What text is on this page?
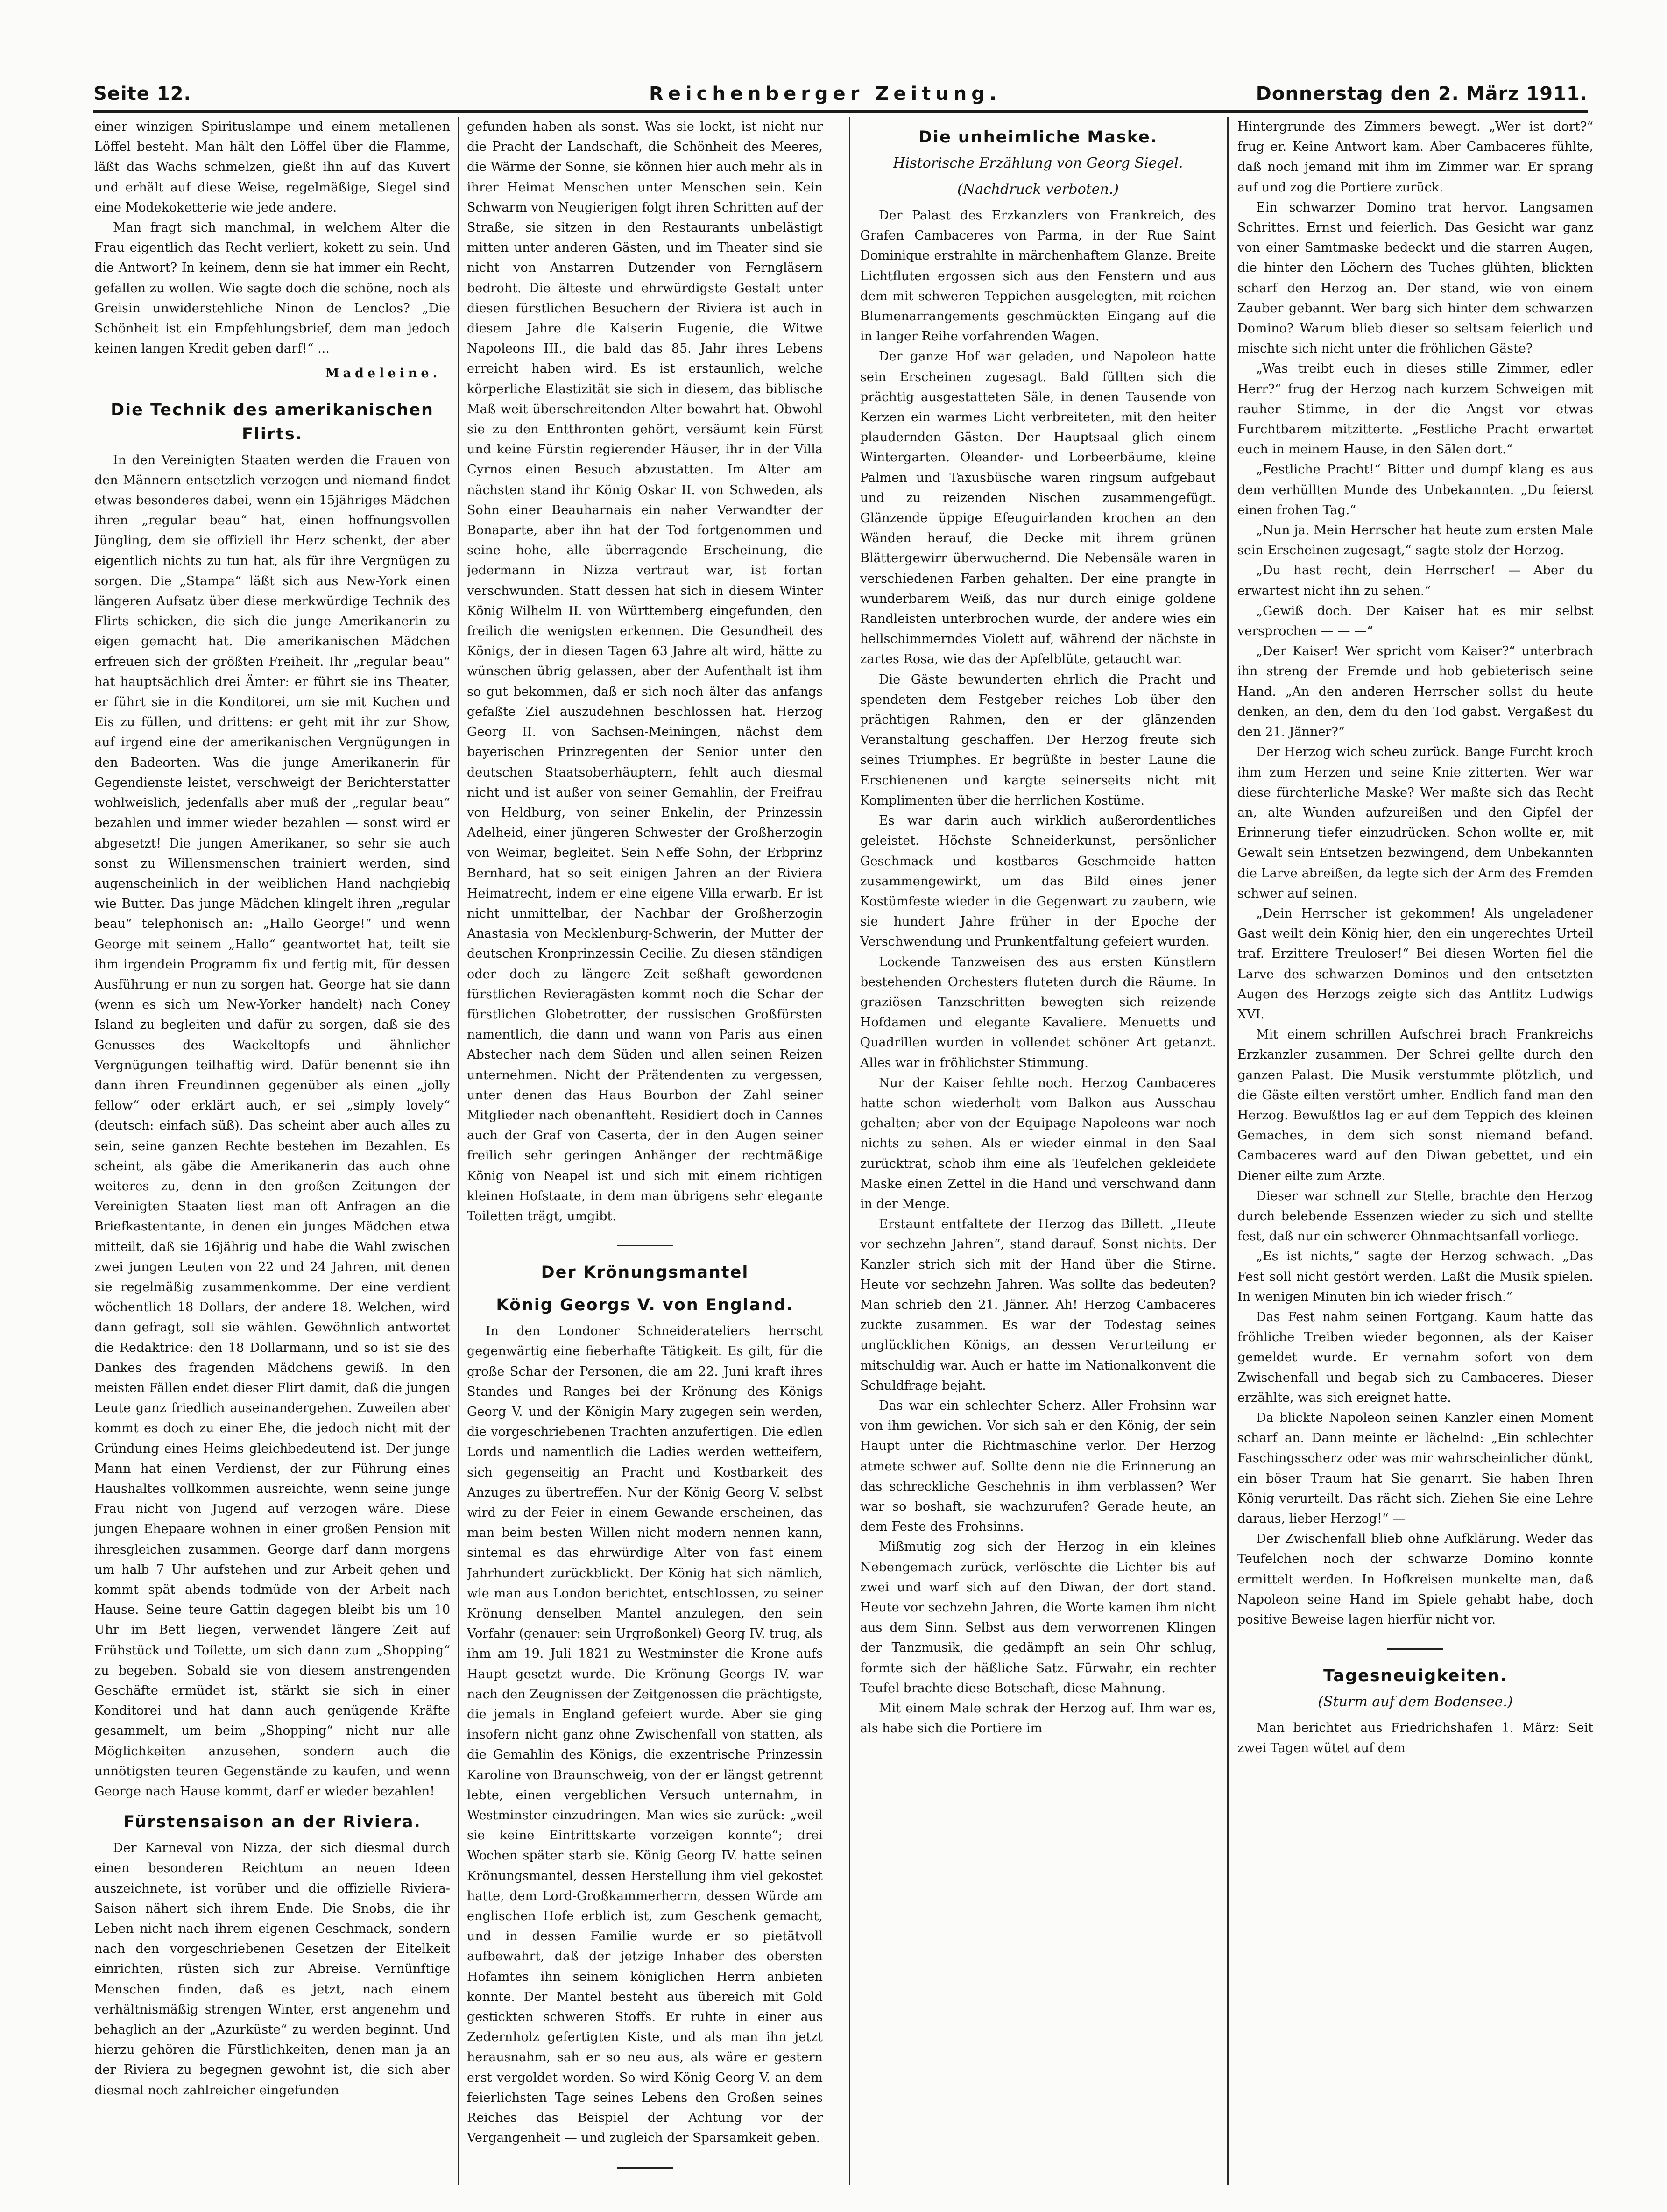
Seite 12.	Reichenberger Zeitung.	Donnerstag den 2. März 1911.

einer winzigen Spirituslampe und einem metallenen Löffel besteht. Man hält den Löffel über die Flamme, läßt das Wachs schmelzen, gießt ihn auf das Kuvert und erhält auf diese Weise, regelmäßige, Siegel sind eine Modekoketterie wie jede andere.

Man fragt sich manchmal, in welchem Alter die Frau eigentlich das Recht verliert, kokett zu sein. Und die Antwort? In keinem, denn sie hat immer ein Recht, gefallen zu wollen. Wie sagte doch die schöne, noch als Greisin unwiderstehliche Ninon de Lenclos? „Die Schönheit ist ein Empfehlungsbrief, dem man jedoch keinen langen Kredit geben darf!“ ...

Madeleine.
Die Technik des amerikanischen Flirts.

In den Vereinigten Staaten werden die Frauen von den Männern entsetzlich verzogen und niemand findet etwas besonderes dabei, wenn ein 15jähriges Mädchen ihren „regular beau“ hat, einen hoffnungsvollen Jüngling, dem sie offiziell ihr Herz schenkt, der aber eigentlich nichts zu tun hat, als für ihre Vergnügen zu sorgen. Die „Stampa“ läßt sich aus New-York einen längeren Aufsatz über diese merkwürdige Technik des Flirts schicken, die sich die junge Amerikanerin zu eigen gemacht hat. Die amerikanischen Mädchen erfreuen sich der größten Freiheit. Ihr „regular beau“ hat hauptsächlich drei Ämter: er führt sie ins Theater, er führt sie in die Konditorei, um sie mit Kuchen und Eis zu füllen, und drittens: er geht mit ihr zur Show, auf irgend eine der amerikanischen Vergnügungen in den Badeorten. Was die junge Amerikanerin für Gegendienste leistet, verschweigt der Berichterstatter wohlweislich, jedenfalls aber muß der „regular beau“ bezahlen und immer wieder bezahlen — sonst wird er abgesetzt! Die jungen Amerikaner, so sehr sie auch sonst zu Willensmenschen trainiert werden, sind augenscheinlich in der weiblichen Hand nachgiebig wie Butter. Das junge Mädchen klingelt ihren „regular beau“ telephonisch an: „Hallo George!“ und wenn George mit seinem „Hallo“ geantwortet hat, teilt sie ihm irgendein Programm fix und fertig mit, für dessen Ausführung er nun zu sorgen hat. George hat sie dann (wenn es sich um New-Yorker handelt) nach Coney Island zu begleiten und dafür zu sorgen, daß sie des Genusses des Wackeltopfs und ähnlicher Vergnügungen teilhaftig wird. Dafür benennt sie ihn dann ihren Freundinnen gegenüber als einen „jolly fellow“ oder erklärt auch, er sei „simply lovely“ (deutsch: einfach süß). Das scheint aber auch alles zu sein, seine ganzen Rechte bestehen im Bezahlen. Es scheint, als gäbe die Amerikanerin das auch ohne weiteres zu, denn in den großen Zeitungen der Vereinigten Staaten liest man oft Anfragen an die Briefkastentante, in denen ein junges Mädchen etwa mitteilt, daß sie 16jährig und habe die Wahl zwischen zwei jungen Leuten von 22 und 24 Jahren, mit denen sie regelmäßig zusammenkomme. Der eine verdient wöchentlich 18 Dollars, der andere 18. Welchen, wird dann gefragt, soll sie wählen. Gewöhnlich antwortet die Redaktrice: den 18 Dollarmann, und so ist sie des Dankes des fragenden Mädchens gewiß. In den meisten Fällen endet dieser Flirt damit, daß die jungen Leute ganz friedlich auseinandergehen. Zuweilen aber kommt es doch zu einer Ehe, die jedoch nicht mit der Gründung eines Heims gleichbedeutend ist. Der junge Mann hat einen Verdienst, der zur Führung eines Haushaltes vollkommen ausreichte, wenn seine junge Frau nicht von Jugend auf verzogen wäre. Diese jungen Ehepaare wohnen in einer großen Pension mit ihresgleichen zusammen. George darf dann morgens um halb 7 Uhr aufstehen und zur Arbeit gehen und kommt spät abends todmüde von der Arbeit nach Hause. Seine teure Gattin dagegen bleibt bis um 10 Uhr im Bett liegen, verwendet längere Zeit auf Frühstück und Toilette, um sich dann zum „Shopping“ zu begeben. Sobald sie von diesem anstrengenden Geschäfte ermüdet ist, stärkt sie sich in einer Konditorei und hat dann auch genügende Kräfte gesammelt, um beim „Shopping“ nicht nur alle Möglichkeiten anzusehen, sondern auch die unnötigsten teuren Gegenstände zu kaufen, und wenn George nach Hause kommt, darf er wieder bezahlen!

Fürstensaison an der Riviera.

Der Karneval von Nizza, der sich diesmal durch einen besonderen Reichtum an neuen Ideen auszeichnete, ist vorüber und die offizielle Riviera-Saison nähert sich ihrem Ende. Die Snobs, die ihr Leben nicht nach ihrem eigenen Geschmack, sondern nach den vorgeschriebenen Gesetzen der Eitelkeit einrichten, rüsten sich zur Abreise. Vernünftige Menschen finden, daß es jetzt, nach einem verhältnismäßig strengen Winter, erst angenehm und behaglich an der „Azurküste“ zu werden beginnt. Und hierzu gehören die Fürstlichkeiten, denen man ja an der Riviera zu begegnen gewohnt ist, die sich aber diesmal noch zahlreicher eingefunden

gefunden haben als sonst. Was sie lockt, ist nicht nur die Pracht der Landschaft, die Schönheit des Meeres, die Wärme der Sonne, sie können hier auch mehr als in ihrer Heimat Menschen unter Menschen sein. Kein Schwarm von Neugierigen folgt ihren Schritten auf der Straße, sie sitzen in den Restaurants unbelästigt mitten unter anderen Gästen, und im Theater sind sie nicht von Anstarren Dutzender von Ferngläsern bedroht. Die älteste und ehrwürdigste Gestalt unter diesen fürstlichen Besuchern der Riviera ist auch in diesem Jahre die Kaiserin Eugenie, die Witwe Napoleons III., die bald das 85. Jahr ihres Lebens erreicht haben wird. Es ist erstaunlich, welche körperliche Elastizität sie sich in diesem, das biblische Maß weit überschreitenden Alter bewahrt hat. Obwohl sie zu den Entthronten gehört, versäumt kein Fürst und keine Fürstin regierender Häuser, ihr in der Villa Cyrnos einen Besuch abzustatten. Im Alter am nächsten stand ihr König Oskar II. von Schweden, als Sohn einer Beauharnais ein naher Verwandter der Bonaparte, aber ihn hat der Tod fortgenommen und seine hohe, alle überragende Erscheinung, die jedermann in Nizza vertraut war, ist fortan verschwunden. Statt dessen hat sich in diesem Winter König Wilhelm II. von Württemberg eingefunden, den freilich die wenigsten erkennen. Die Gesundheit des Königs, der in diesen Tagen 63 Jahre alt wird, hätte zu wünschen übrig gelassen, aber der Aufenthalt ist ihm so gut bekommen, daß er sich noch älter das anfangs gefaßte Ziel auszudehnen beschlossen hat. Herzog Georg II. von Sachsen-Meiningen, nächst dem bayerischen Prinzregenten der Senior unter den deutschen Staatsoberhäuptern, fehlt auch diesmal nicht und ist außer von seiner Gemahlin, der Freifrau von Heldburg, von seiner Enkelin, der Prinzessin Adelheid, einer jüngeren Schwester der Großherzogin von Weimar, begleitet. Sein Neffe Sohn, der Erbprinz Bernhard, hat so seit einigen Jahren an der Riviera Heimatrecht, indem er eine eigene Villa erwarb. Er ist nicht unmittelbar, der Nachbar der Großherzogin Anastasia von Mecklenburg-Schwerin, der Mutter der deutschen Kronprinzessin Cecilie. Zu diesen ständigen oder doch zu längere Zeit seßhaft gewordenen fürstlichen Revieragästen kommt noch die Schar der fürstlichen Globetrotter, der russischen Großfürsten namentlich, die dann und wann von Paris aus einen Abstecher nach dem Süden und allen seinen Reizen unternehmen. Nicht der Prätendenten zu vergessen, unter denen das Haus Bourbon der Zahl seiner Mitglieder nach obenanfteht. Residiert doch in Cannes auch der Graf von Caserta, der in den Augen seiner freilich sehr geringen Anhänger der rechtmäßige König von Neapel ist und sich mit einem richtigen kleinen Hofstaate, in dem man übrigens sehr elegante Toiletten trägt, umgibt.

Der Krönungsmantel
König Georgs V. von England.

In den Londoner Schneiderateliers herrscht gegenwärtig eine fieberhafte Tätigkeit. Es gilt, für die große Schar der Personen, die am 22. Juni kraft ihres Standes und Ranges bei der Krönung des Königs Georg V. und der Königin Mary zugegen sein werden, die vorgeschriebenen Trachten anzufertigen. Die edlen Lords und namentlich die Ladies werden wetteifern, sich gegenseitig an Pracht und Kostbarkeit des Anzuges zu übertreffen. Nur der König Georg V. selbst wird zu der Feier in einem Gewande erscheinen, das man beim besten Willen nicht modern nennen kann, sintemal es das ehrwürdige Alter von fast einem Jahrhundert zurückblickt. Der König hat sich nämlich, wie man aus London berichtet, entschlossen, zu seiner Krönung denselben Mantel anzulegen, den sein Vorfahr (genauer: sein Urgroßonkel) Georg IV. trug, als ihm am 19. Juli 1821 zu Westminster die Krone aufs Haupt gesetzt wurde. Die Krönung Georgs IV. war nach den Zeugnissen der Zeitgenossen die prächtigste, die jemals in England gefeiert wurde. Aber sie ging insofern nicht ganz ohne Zwischenfall von statten, als die Gemahlin des Königs, die exzentrische Prinzessin Karoline von Braunschweig, von der er längst getrennt lebte, einen vergeblichen Versuch unternahm, in Westminster einzudringen. Man wies sie zurück: „weil sie keine Eintrittskarte vorzeigen konnte“; drei Wochen später starb sie. König Georg IV. hatte seinen Krönungsmantel, dessen Herstellung ihm viel gekostet hatte, dem Lord-Großkammerherrn, dessen Würde am englischen Hofe erblich ist, zum Geschenk gemacht, und in dessen Familie wurde er so pietätvoll aufbewahrt, daß der jetzige Inhaber des obersten Hofamtes ihn seinem königlichen Herrn anbieten konnte. Der Mantel besteht aus übereich mit Gold gestickten schweren Stoffs. Er ruhte in einer aus Zedernholz gefertigten Kiste, und als man ihn jetzt herausnahm, sah er so neu aus, als wäre er gestern erst vergoldet worden. So wird König Georg V. an dem feierlichsten Tage seines Lebens den Großen seines Reiches das Beispiel der Achtung vor der Vergangenheit — und zugleich der Sparsamkeit geben.

Die unheimliche Maske.
Historische Erzählung von Georg Siegel.
(Nachdruck verboten.)

Der Palast des Erzkanzlers von Frankreich, des Grafen Cambaceres von Parma, in der Rue Saint Dominique erstrahlte in märchenhaftem Glanze. Breite Lichtfluten ergossen sich aus den Fenstern und aus dem mit schweren Teppichen ausgelegten, mit reichen Blumenarrangements geschmückten Eingang auf die in langer Reihe vorfahrenden Wagen.

Der ganze Hof war geladen, und Napoleon hatte sein Erscheinen zugesagt. Bald füllten sich die prächtig ausgestatteten Säle, in denen Tausende von Kerzen ein warmes Licht verbreiteten, mit den heiter plaudernden Gästen. Der Hauptsaal glich einem Wintergarten. Oleander- und Lorbeerbäume, kleine Palmen und Taxusbüsche waren ringsum aufgebaut und zu reizenden Nischen zusammengefügt. Glänzende üppige Efeuguirlanden krochen an den Wänden herauf, die Decke mit ihrem grünen Blättergewirr überwuchernd. Die Nebensäle waren in verschiedenen Farben gehalten. Der eine prangte in wunderbarem Weiß, das nur durch einige goldene Randleisten unterbrochen wurde, der andere wies ein hellschimmerndes Violett auf, während der nächste in zartes Rosa, wie das der Apfelblüte, getaucht war.

Die Gäste bewunderten ehrlich die Pracht und spendeten dem Festgeber reiches Lob über den prächtigen Rahmen, den er der glänzenden Veranstaltung geschaffen. Der Herzog freute sich seines Triumphes. Er begrüßte in bester Laune die Erschienenen und kargte seinerseits nicht mit Komplimenten über die herrlichen Kostüme.

Es war darin auch wirklich außerordentliches geleistet. Höchste Schneiderkunst, persönlicher Geschmack und kostbares Geschmeide hatten zusammengewirkt, um das Bild eines jener Kostümfeste wieder in die Gegenwart zu zaubern, wie sie hundert Jahre früher in der Epoche der Verschwendung und Prunkentfaltung gefeiert wurden.

Lockende Tanzweisen des aus ersten Künstlern bestehenden Orchesters fluteten durch die Räume. In graziösen Tanzschritten bewegten sich reizende Hofdamen und elegante Kavaliere. Menuetts und Quadrillen wurden in vollendet schöner Art getanzt. Alles war in fröhlichster Stimmung.

Nur der Kaiser fehlte noch. Herzog Cambaceres hatte schon wiederholt vom Balkon aus Ausschau gehalten; aber von der Equipage Napoleons war noch nichts zu sehen. Als er wieder einmal in den Saal zurücktrat, schob ihm eine als Teufelchen gekleidete Maske einen Zettel in die Hand und verschwand dann in der Menge.

Erstaunt entfaltete der Herzog das Billett. „Heute vor sechzehn Jahren“, stand darauf. Sonst nichts. Der Kanzler strich sich mit der Hand über die Stirne. Heute vor sechzehn Jahren. Was sollte das bedeuten? Man schrieb den 21. Jänner. Ah! Herzog Cambaceres zuckte zusammen. Es war der Todestag seines unglücklichen Königs, an dessen Verurteilung er mitschuldig war. Auch er hatte im Nationalkonvent die Schuldfrage bejaht.

Das war ein schlechter Scherz. Aller Frohsinn war von ihm gewichen. Vor sich sah er den König, der sein Haupt unter die Richtmaschine verlor. Der Herzog atmete schwer auf. Sollte denn nie die Erinnerung an das schreckliche Geschehnis in ihm verblassen? Wer war so boshaft, sie wachzurufen? Gerade heute, an dem Feste des Frohsinns.

Mißmutig zog sich der Herzog in ein kleines Nebengemach zurück, verlöschte die Lichter bis auf zwei und warf sich auf den Diwan, der dort stand. Heute vor sechzehn Jahren, die Worte kamen ihm nicht aus dem Sinn. Selbst aus dem verworrenen Klingen der Tanzmusik, die gedämpft an sein Ohr schlug, formte sich der häßliche Satz. Fürwahr, ein rechter Teufel brachte diese Botschaft, diese Mahnung.

Mit einem Male schrak der Herzog auf. Ihm war es, als habe sich die Portiere im

Hintergrunde des Zimmers bewegt. „Wer ist dort?“ frug er. Keine Antwort kam. Aber Cambaceres fühlte, daß noch jemand mit ihm im Zimmer war. Er sprang auf und zog die Portiere zurück.

Ein schwarzer Domino trat hervor. Langsamen Schrittes. Ernst und feierlich. Das Gesicht war ganz von einer Samtmaske bedeckt und die starren Augen, die hinter den Löchern des Tuches glühten, blickten scharf den Herzog an. Der stand, wie von einem Zauber gebannt. Wer barg sich hinter dem schwarzen Domino? Warum blieb dieser so seltsam feierlich und mischte sich nicht unter die fröhlichen Gäste?

„Was treibt euch in dieses stille Zimmer, edler Herr?“ frug der Herzog nach kurzem Schweigen mit rauher Stimme, in der die Angst vor etwas Furchtbarem mitzitterte. „Festliche Pracht erwartet euch in meinem Hause, in den Sälen dort.“

„Festliche Pracht!“ Bitter und dumpf klang es aus dem verhüllten Munde des Unbekannten. „Du feierst einen frohen Tag.“

„Nun ja. Mein Herrscher hat heute zum ersten Male sein Erscheinen zugesagt,“ sagte stolz der Herzog.

„Du hast recht, dein Herrscher! — Aber du erwartest nicht ihn zu sehen.“

„Gewiß doch. Der Kaiser hat es mir selbst versprochen — — —“

„Der Kaiser! Wer spricht vom Kaiser?“ unterbrach ihn streng der Fremde und hob gebieterisch seine Hand. „An den anderen Herrscher sollst du heute denken, an den, dem du den Tod gabst. Vergaßest du den 21. Jänner?“

Der Herzog wich scheu zurück. Bange Furcht kroch ihm zum Herzen und seine Knie zitterten. Wer war diese fürchterliche Maske? Wer maßte sich das Recht an, alte Wunden aufzureißen und den Gipfel der Erinnerung tiefer einzudrücken. Schon wollte er, mit Gewalt sein Entsetzen bezwingend, dem Unbekannten die Larve abreißen, da legte sich der Arm des Fremden schwer auf seinen.

„Dein Herrscher ist gekommen! Als ungeladener Gast weilt dein König hier, den ein ungerechtes Urteil traf. Erzittere Treuloser!“ Bei diesen Worten fiel die Larve des schwarzen Dominos und den entsetzten Augen des Herzogs zeigte sich das Antlitz Ludwigs XVI.

Mit einem schrillen Aufschrei brach Frankreichs Erzkanzler zusammen. Der Schrei gellte durch den ganzen Palast. Die Musik verstummte plötzlich, und die Gäste eilten verstört umher. Endlich fand man den Herzog. Bewußtlos lag er auf dem Teppich des kleinen Gemaches, in dem sich sonst niemand befand. Cambaceres ward auf den Diwan gebettet, und ein Diener eilte zum Arzte.

Dieser war schnell zur Stelle, brachte den Herzog durch belebende Essenzen wieder zu sich und stellte fest, daß nur ein schwerer Ohnmachtsanfall vorliege.

„Es ist nichts,“ sagte der Herzog schwach. „Das Fest soll nicht gestört werden. Laßt die Musik spielen. In wenigen Minuten bin ich wieder frisch.“

Das Fest nahm seinen Fortgang. Kaum hatte das fröhliche Treiben wieder begonnen, als der Kaiser gemeldet wurde. Er vernahm sofort von dem Zwischenfall und begab sich zu Cambaceres. Dieser erzählte, was sich ereignet hatte.

Da blickte Napoleon seinen Kanzler einen Moment scharf an. Dann meinte er lächelnd: „Ein schlechter Faschingsscherz oder was mir wahrscheinlicher dünkt, ein böser Traum hat Sie genarrt. Sie haben Ihren König verurteilt. Das rächt sich. Ziehen Sie eine Lehre daraus, lieber Herzog!“ —

Der Zwischenfall blieb ohne Aufklärung. Weder das Teufelchen noch der schwarze Domino konnte ermittelt werden. In Hofkreisen munkelte man, daß Napoleon seine Hand im Spiele gehabt habe, doch positive Beweise lagen hierfür nicht vor.

Tagesneuigkeiten.
(Sturm auf dem Bodensee.)

Man berichtet aus Friedrichshafen 1. März: Seit zwei Tagen wütet auf dem
